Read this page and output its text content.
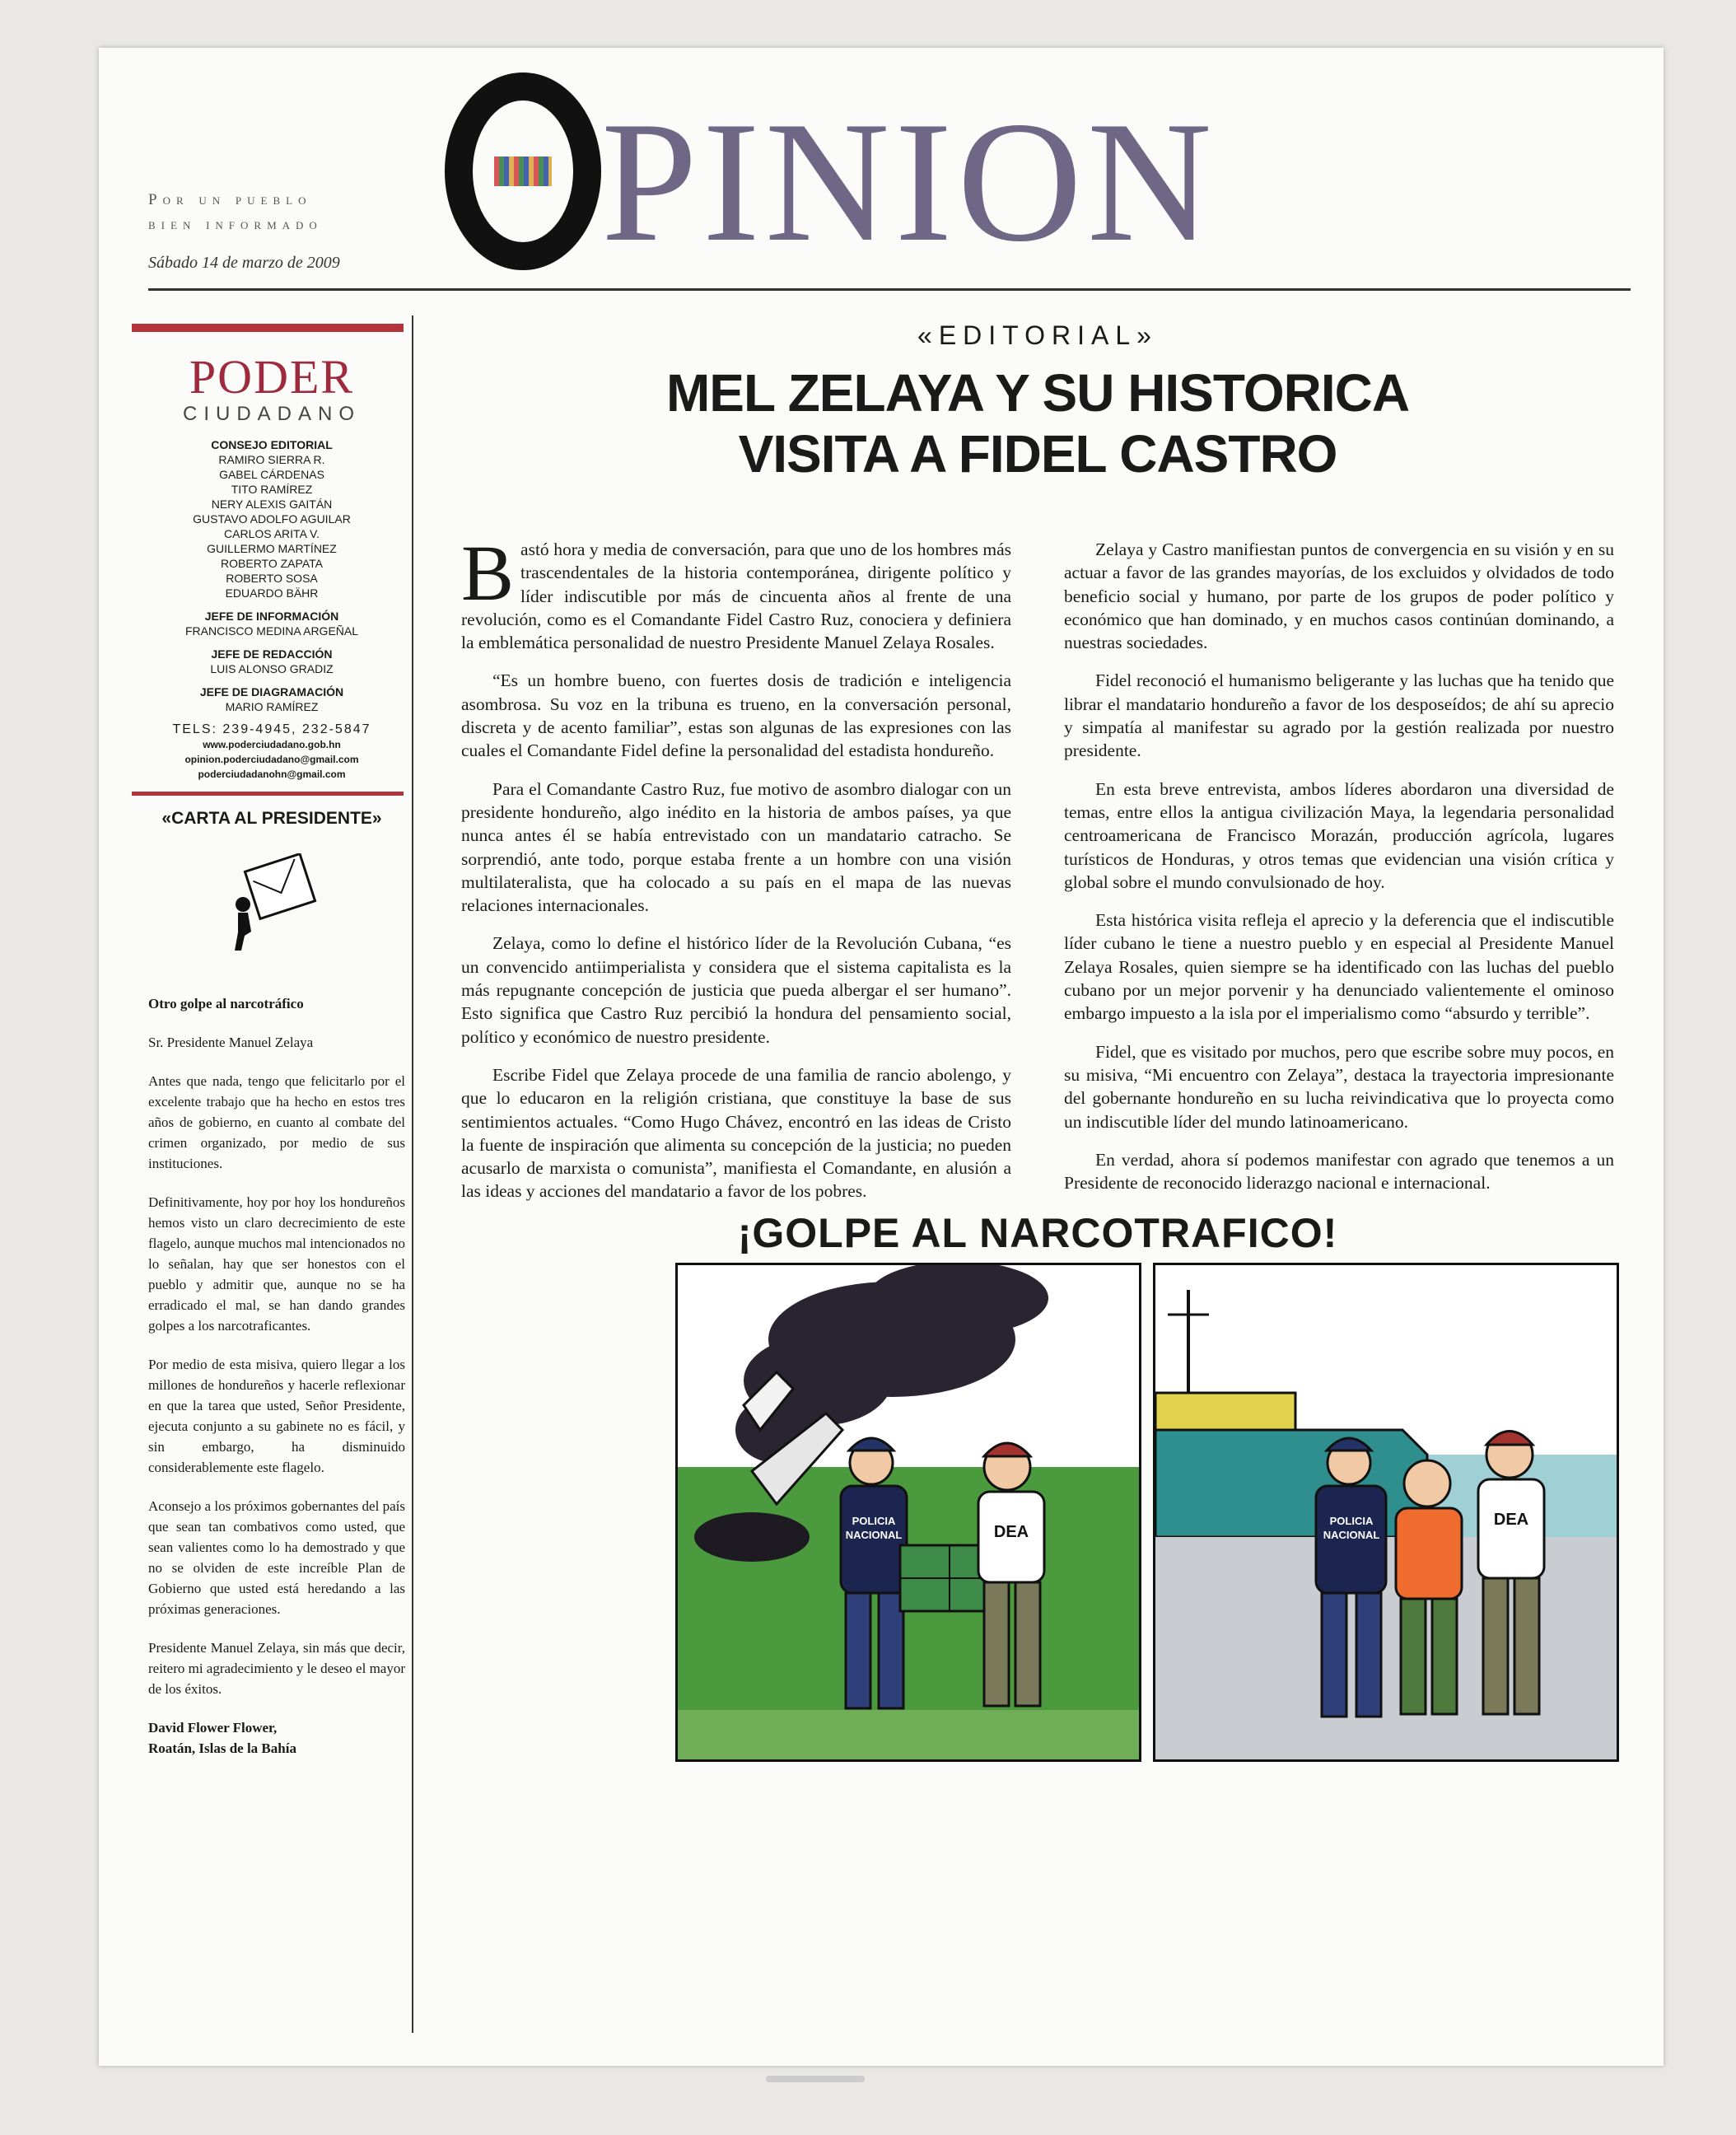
Por un pueblo
bien informado
Sábado 14 de marzo de 2009 PINION
PODER
CIUDADANO
CONSEJO EDITORIAL
RAMIRO SIERRA R.
GABEL CÁRDENAS
TITO RAMÍREZ
NERY ALEXIS GAITÁN
GUSTAVO ADOLFO AGUILAR
CARLOS ARITA V.
GUILLERMO MARTÍNEZ
ROBERTO ZAPATA
ROBERTO SOSA
EDUARDO BÄHR
JEFE DE INFORMACIÓN
FRANCISCO MEDINA ARGEÑAL
JEFE DE REDACCIÓN
LUIS ALONSO GRADIZ
JEFE DE DIAGRAMACIÓN
MARIO RAMÍREZ
TELS: 239-4945, 232-5847
www.poderciudadano.gob.hn
opinion.poderciudadano@gmail.com
poderciudadanohn@gmail.com
«CARTA AL PRESIDENTE»

Otro golpe al narcotráfico

Sr. Presidente Manuel Zelaya

Antes que nada, tengo que felicitarlo por el excelente trabajo que ha hecho en estos tres años de gobierno, en cuanto al combate del crimen organizado, por medio de sus instituciones.

Definitivamente, hoy por hoy los hondureños hemos visto un claro decrecimiento de este flagelo, aunque muchos mal intencionados no lo señalan, hay que ser honestos con el pueblo y admitir que, aunque no se ha erradicado el mal, se han dando grandes golpes a los narcotraficantes.

Por medio de esta misiva, quiero llegar a los millones de hondureños y hacerle reflexionar en que la tarea que usted, Señor Presidente, ejecuta conjunto a su gabinete no es fácil, y sin embargo, ha disminuido considerablemente este flagelo.

Aconsejo a los próximos gobernantes del país que sean tan combativos como usted, que sean valientes como lo ha demostrado y que no se olviden de este increíble Plan de Gobierno que usted está heredando a las próximas generaciones.

Presidente Manuel Zelaya, sin más que decir, reitero mi agradecimiento y le deseo el mayor de los éxitos.

David Flower Flower,

Roatán, Islas de la Bahía

«EDITORIAL»
MEL ZELAYA Y SU HISTORICA
VISITA A FIDEL CASTRO

Bastó hora y media de conversación, para que uno de los hombres más trascendentales de la historia contemporánea, dirigente político y líder indiscutible por más de cincuenta años al frente de una revolución, como es el Comandante Fidel Castro Ruz, conociera y definiera la emblemática personalidad de nuestro Presidente Manuel Zelaya Rosales.

“Es un hombre bueno, con fuertes dosis de tradición e inteligencia asombrosa. Su voz en la tribuna es trueno, en la conversación personal, discreta y de acento familiar”, estas son algunas de las expresiones con las cuales el Comandante Fidel define la personalidad del estadista hondureño.

Para el Comandante Castro Ruz, fue motivo de asombro dialogar con un presidente hondureño, algo inédito en la historia de ambos países, ya que nunca antes él se había entrevistado con un mandatario catracho. Se sorprendió, ante todo, porque estaba frente a un hombre con una visión multilateralista, que ha colocado a su país en el mapa de las nuevas relaciones internacionales.

Zelaya, como lo define el histórico líder de la Revolución Cubana, “es un convencido antiimperialista y considera que el sistema capitalista es la más repugnante concepción de justicia que pueda albergar el ser humano”. Esto significa que Castro Ruz percibió la hondura del pensamiento social, político y económico de nuestro presidente.

Escribe Fidel que Zelaya procede de una familia de rancio abolengo, y que lo educaron en la religión cristiana, que constituye la base de sus sentimientos actuales. “Como Hugo Chávez, encontró en las ideas de Cristo la fuente de inspiración que alimenta su concepción de la justicia; no pueden acusarlo de marxista o comunista”, manifiesta el Comandante, en alusión a las ideas y acciones del mandatario a favor de los pobres.

Zelaya y Castro manifiestan puntos de convergencia en su visión y en su actuar a favor de las grandes mayorías, de los excluidos y olvidados de todo beneficio social y humano, por parte de los grupos de poder político y económico que han dominado, y en muchos casos continúan dominando, a nuestras sociedades.

Fidel reconoció el humanismo beligerante y las luchas que ha tenido que librar el mandatario hondureño a favor de los desposeídos; de ahí su aprecio y simpatía al manifestar su agrado por la gestión realizada por nuestro presidente.

En esta breve entrevista, ambos líderes abordaron una diversidad de temas, entre ellos la antigua civilización Maya, la legendaria personalidad centroamericana de Francisco Morazán, producción agrícola, lugares turísticos de Honduras, y otros temas que evidencian una visión crítica y global sobre el mundo convulsionado de hoy.

Esta histórica visita refleja el aprecio y la deferencia que el indiscutible líder cubano le tiene a nuestro pueblo y en especial al Presidente Manuel Zelaya Rosales, quien siempre se ha identificado con las luchas del pueblo cubano por un mejor porvenir y ha denunciado valientemente el ominoso embargo impuesto a la isla por el imperialismo como “absurdo y terrible”.

Fidel, que es visitado por muchos, pero que escribe sobre muy pocos, en su misiva, “Mi encuentro con Zelaya”, destaca la trayectoria impresionante del gobernante hondureño en su lucha reivindicativa que lo proyecta como un indiscutible líder del mundo latinoamericano.

En verdad, ahora sí podemos manifestar con agrado que tenemos a un Presidente de reconocido liderazgo nacional e internacional.

¡GOLPE AL NARCOTRAFICO!
POLICIA
NACIONAL	DEA
POLICIA
NACIONAL
DEA
